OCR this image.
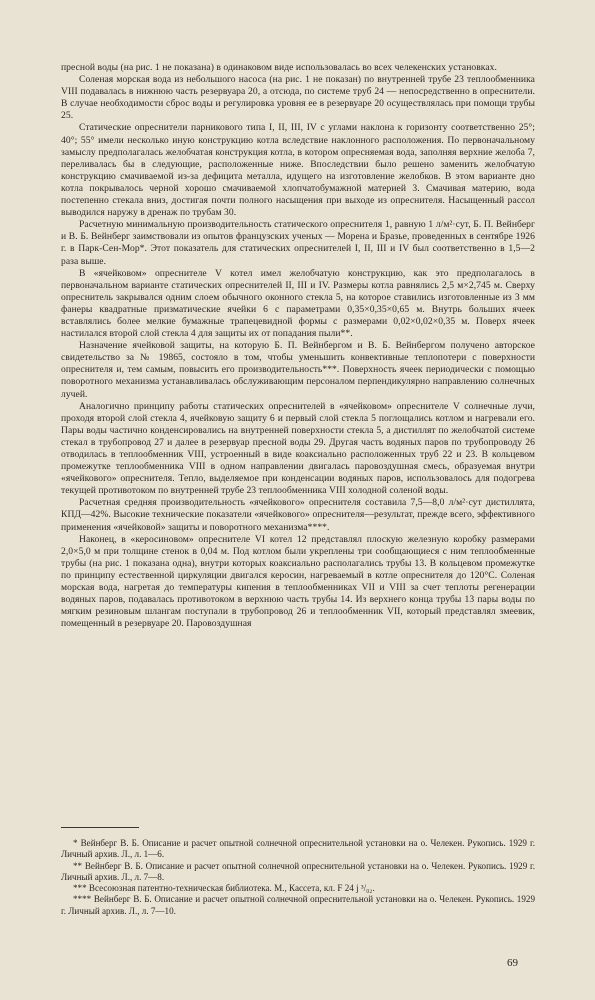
пресной воды (на рис. 1 не показана) в одинаковом виде использовалась во всех челекенских установках.

Соленая морская вода из небольшого насоса (на рис. 1 не показан) по внутренней трубе 23 теплообменника VIII подавалась в нижнюю часть резервуара 20, а отсюда, по системе труб 24 — непосредственно в опреснители. В случае необходимости сброс воды и регулировка уровня ее в резервуаре 20 осуществлялась при помощи трубы 25.

Статические опреснители парникового типа I, II, III, IV с углами наклона к горизонту соответственно 25°; 40°; 55° имели несколько иную конструкцию котла вследствие наклонного расположения. По первоначальному замыслу предполагалась желобчатая конструкция котла, в котором опресняемая вода, заполняя верхние желоба 7, переливалась бы в следующие, расположенные ниже. Впоследствии было решено заменить желобчатую конструкцию смачиваемой из-за дефицита металла, идущего на изготовление желобков. В этом варианте дно котла покрывалось черной хорошо смачиваемой хлопчатобумажной материей 3. Смачивая материю, вода постепенно стекала вниз, достигая почти полного насыщения при выходе из опреснителя. Насыщенный рассол выводился наружу в дренаж по трубам 30.

Расчетную минимальную производительность статического опреснителя 1, равную 1 л/м²·сут, Б. П. Вейнберг и В. Б. Вейнберг заимствовали из опытов французских ученых — Морена и Бразье, проведенных в сентябре 1926 г. в Парк-Сен-Мор*. Этот показатель для статических опреснителей I, II, III и IV был соответственно в 1,5—2 раза выше.

В «ячейковом» опреснителе V котел имел желобчатую конструкцию, как это предполагалось в первоначальном варианте статических опреснителей II, III и IV. Размеры котла равнялись 2,5 м×2,745 м. Сверху опреснитель закрывался одним слоем обычного оконного стекла 5, на которое ставились изготовленные из 3 мм фанеры квадратные призматические ячейки 6 с параметрами 0,35×0,35×0,65 м. Внутрь больших ячеек вставлялись более мелкие бумажные трапецевидной формы с размерами 0,02×0,02×0,35 м. Поверх ячеек настилался второй слой стекла 4 для защиты их от попадания пыли**.

Назначение ячейковой защиты, на которую Б. П. Вейнбергом и В. Б. Вейнбергом получено авторское свидетельство за № 19865, состояло в том, чтобы уменьшить конвективные теплопотери с поверхности опреснителя и, тем самым, повысить его производительность***. Поверхность ячеек периодически с помощью поворотного механизма устанавливалась обслуживающим персоналом перпендикулярно направлению солнечных лучей.

Аналогично принципу работы статических опреснителей в «ячейковом» опреснителе V солнечные лучи, проходя второй слой стекла 4, ячейковую защиту 6 и первый слой стекла 5 поглощались котлом и нагревали его. Пары воды частично конденсировались на внутренней поверхности стекла 5, а дистиллят по желобчатой системе стекал в трубопровод 27 и далее в резервуар пресной воды 29. Другая часть водяных паров по трубопроводу 26 отводилась в теплообменник VIII, устроенный в виде коаксиально расположенных труб 22 и 23. В кольцевом промежутке теплообменника VIII в одном направлении двигалась паровоздушная смесь, образуемая внутри «ячейкового» опреснителя. Тепло, выделяемое при конденсации водяных паров, использовалось для подогрева текущей противотоком по внутренней трубе 23 теплообменника VIII холодной соленой воды.

Расчетная средняя производительность «ячейкового» опреснителя составила 7,5—8,0 л/м²·сут дистиллята, КПД—42%. Высокие технические показатели «ячейкового» опреснителя—результат, прежде всего, эффективного применения «ячейковой» защиты и поворотного механизма****.

Наконец, в «керосиновом» опреснителе VI котел 12 представлял плоскую железную коробку размерами 2,0×5,0 м при толщине стенок в 0,04 м. Под котлом были укреплены три сообщающиеся с ним теплообменные трубы (на рис. 1 показана одна), внутри которых коаксиально располагались трубы 13. В кольцевом промежутке по принципу естественной циркуляции двигался керосин, нагреваемый в котле опреснителя до 120°С. Соленая морская вода, нагретая до температуры кипения в теплообменниках VII и VIII за счет теплоты регенерации водяных паров, подавалась противотоком в верхнюю часть трубы 14. Из верхнего конца трубы 13 пары воды по мягким резиновым шлангам поступали в трубопровод 26 и теплообменник VII, который представлял змеевик, помещенный в резервуаре 20. Паровоздушная

* Вейнберг В. Б. Описание и расчет опытной солнечной опреснительной установки на о. Челекен. Рукопись. 1929 г. Личный архив. Л., л. 1—6.

** Вейнберг В. Б. Описание и расчет опытной солнечной опреснительной установки на о. Челекен. Рукопись. 1929 г. Личный архив. Л., л. 7—8.

*** Всесоюзная патентно-техническая библиотека. М., Кассета, кл. F 24 j ³/₀₂.

**** Вейнберг В. Б. Описание и расчет опытной солнечной опреснительной установки на о. Челекен. Рукопись. 1929 г. Личный архив. Л., л. 7—10.

69
